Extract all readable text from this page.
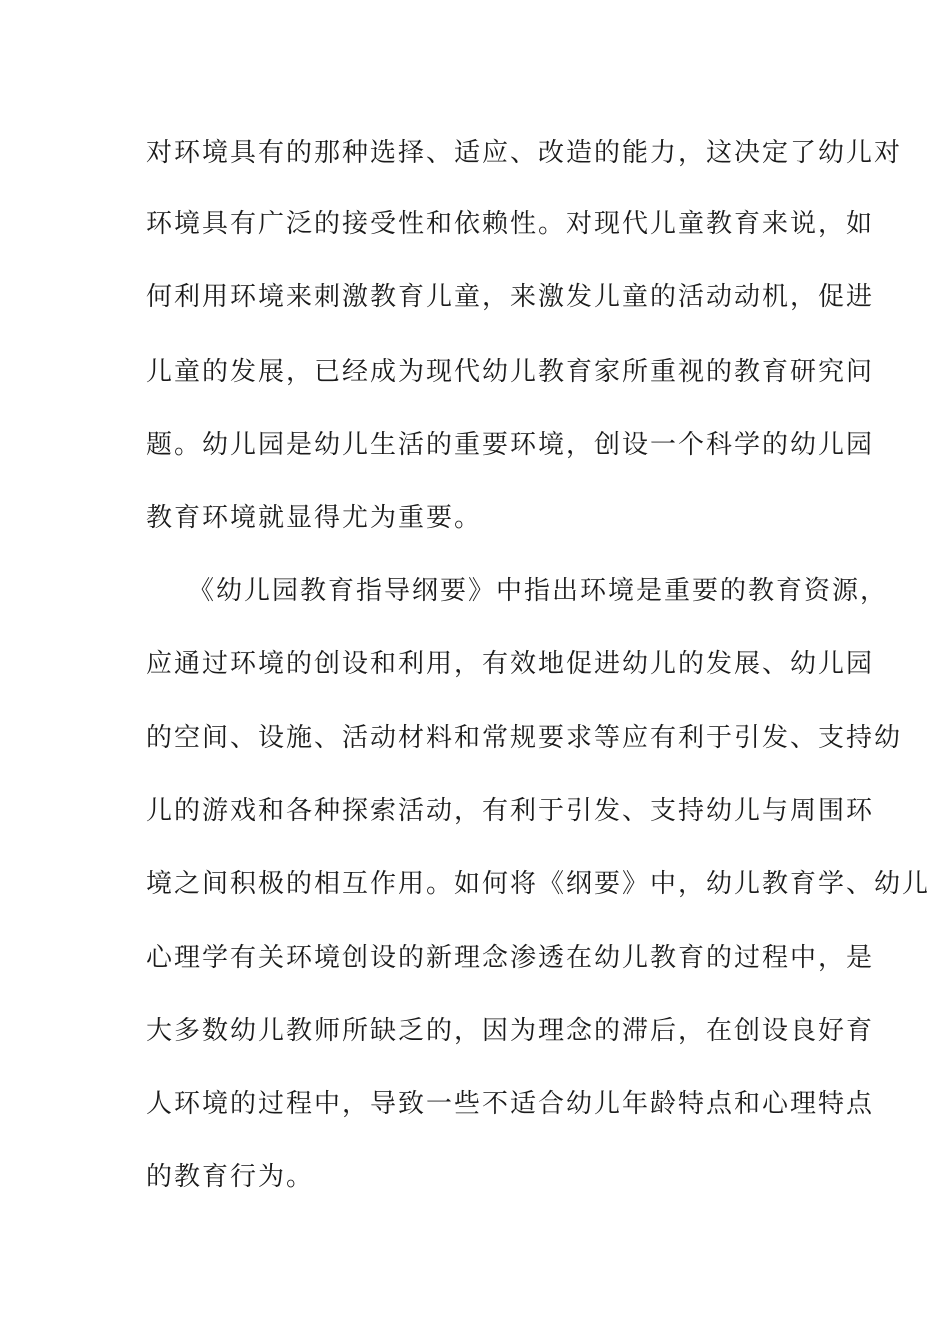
对环境具有的那种选择、适应、改造的能力，这决定了幼儿对
环境具有广泛的接受性和依赖性。对现代儿童教育来说，如
何利用环境来刺激教育儿童，来激发儿童的活动动机，促进
儿童的发展，已经成为现代幼儿教育家所重视的教育研究问
题。幼儿园是幼儿生活的重要环境，创设一个科学的幼儿园
教育环境就显得尤为重要。
《幼儿园教育指导纲要》中指出环境是重要的教育资源，
应通过环境的创设和利用，有效地促进幼儿的发展、幼儿园
的空间、设施、活动材料和常规要求等应有利于引发、支持幼
儿的游戏和各种探索活动，有利于引发、支持幼儿与周围环
境之间积极的相互作用。如何将《纲要》中，幼儿教育学、幼儿
心理学有关环境创设的新理念渗透在幼儿教育的过程中，是
大多数幼儿教师所缺乏的，因为理念的滞后，在创设良好育
人环境的过程中，导致一些不适合幼儿年龄特点和心理特点
的教育行为。
